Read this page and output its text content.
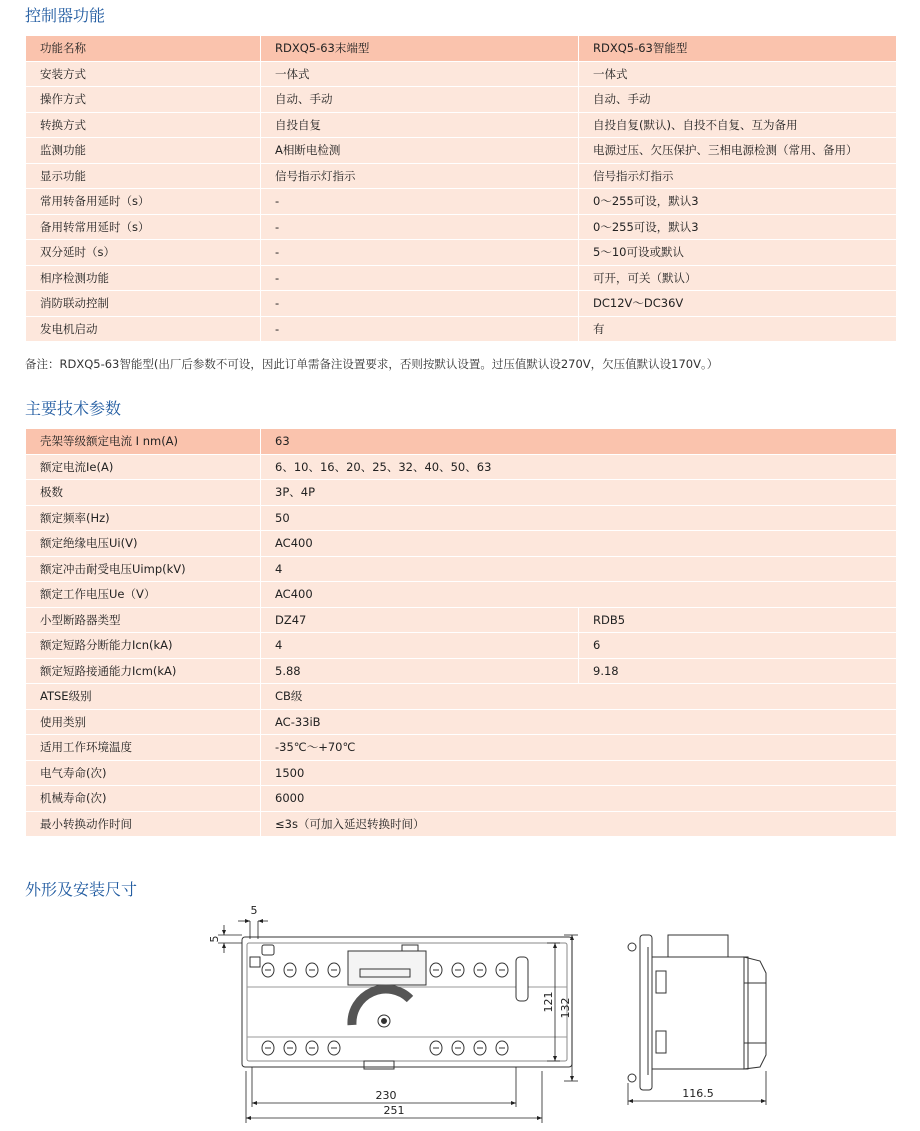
控制器功能
功能名称	RDXQ5-63末端型	RDXQ5-63智能型
安装方式	一体式	一体式
操作方式	自动、手动	自动、手动
转换方式	自投自复	自投自复(默认)、自投不自复、互为备用
监测功能	A相断电检测	电源过压、欠压保护、三相电源检测（常用、备用）
显示功能	信号指示灯指示	信号指示灯指示
常用转备用延时（s）	-	0～255可设，默认3
备用转常用延时（s）	-	0～255可设，默认3
双分延时（s）	-	5～10可设或默认
相序检测功能	-	可开，可关（默认）
消防联动控制	-	DC12V～DC36V
发电机启动	-	有
备注：RDXQ5-63智能型(出厂后参数不可设，因此订单需备注设置要求，否则按默认设置。过压值默认设270V，欠压值默认设170V。）
主要技术参数
壳架等级额定电流 I nm(A)	63	
额定电流Ie(A)	6、10、16、20、25、32、40、50、63	
极数	3P、4P	
额定频率(Hz)	50	
额定绝缘电压Ui(V)	AC400	
额定冲击耐受电压Uimp(kV)	4	
额定工作电压Ue（V）	AC400	
小型断路器类型	DZ47	RDB5
额定短路分断能力Icn(kA)	4	6
额定短路接通能力Icm(kA)	5.88	9.18
ATSE级别	CB级	
使用类别	AC-33iB	
适用工作环境温度	-35℃～+70℃	
电气寿命(次)	1500	
机械寿命(次)	6000	
最小转换动作时间	≤3s（可加入延迟转换时间）	
外形及安装尺寸
5
5
121 132
230
251
116.5
